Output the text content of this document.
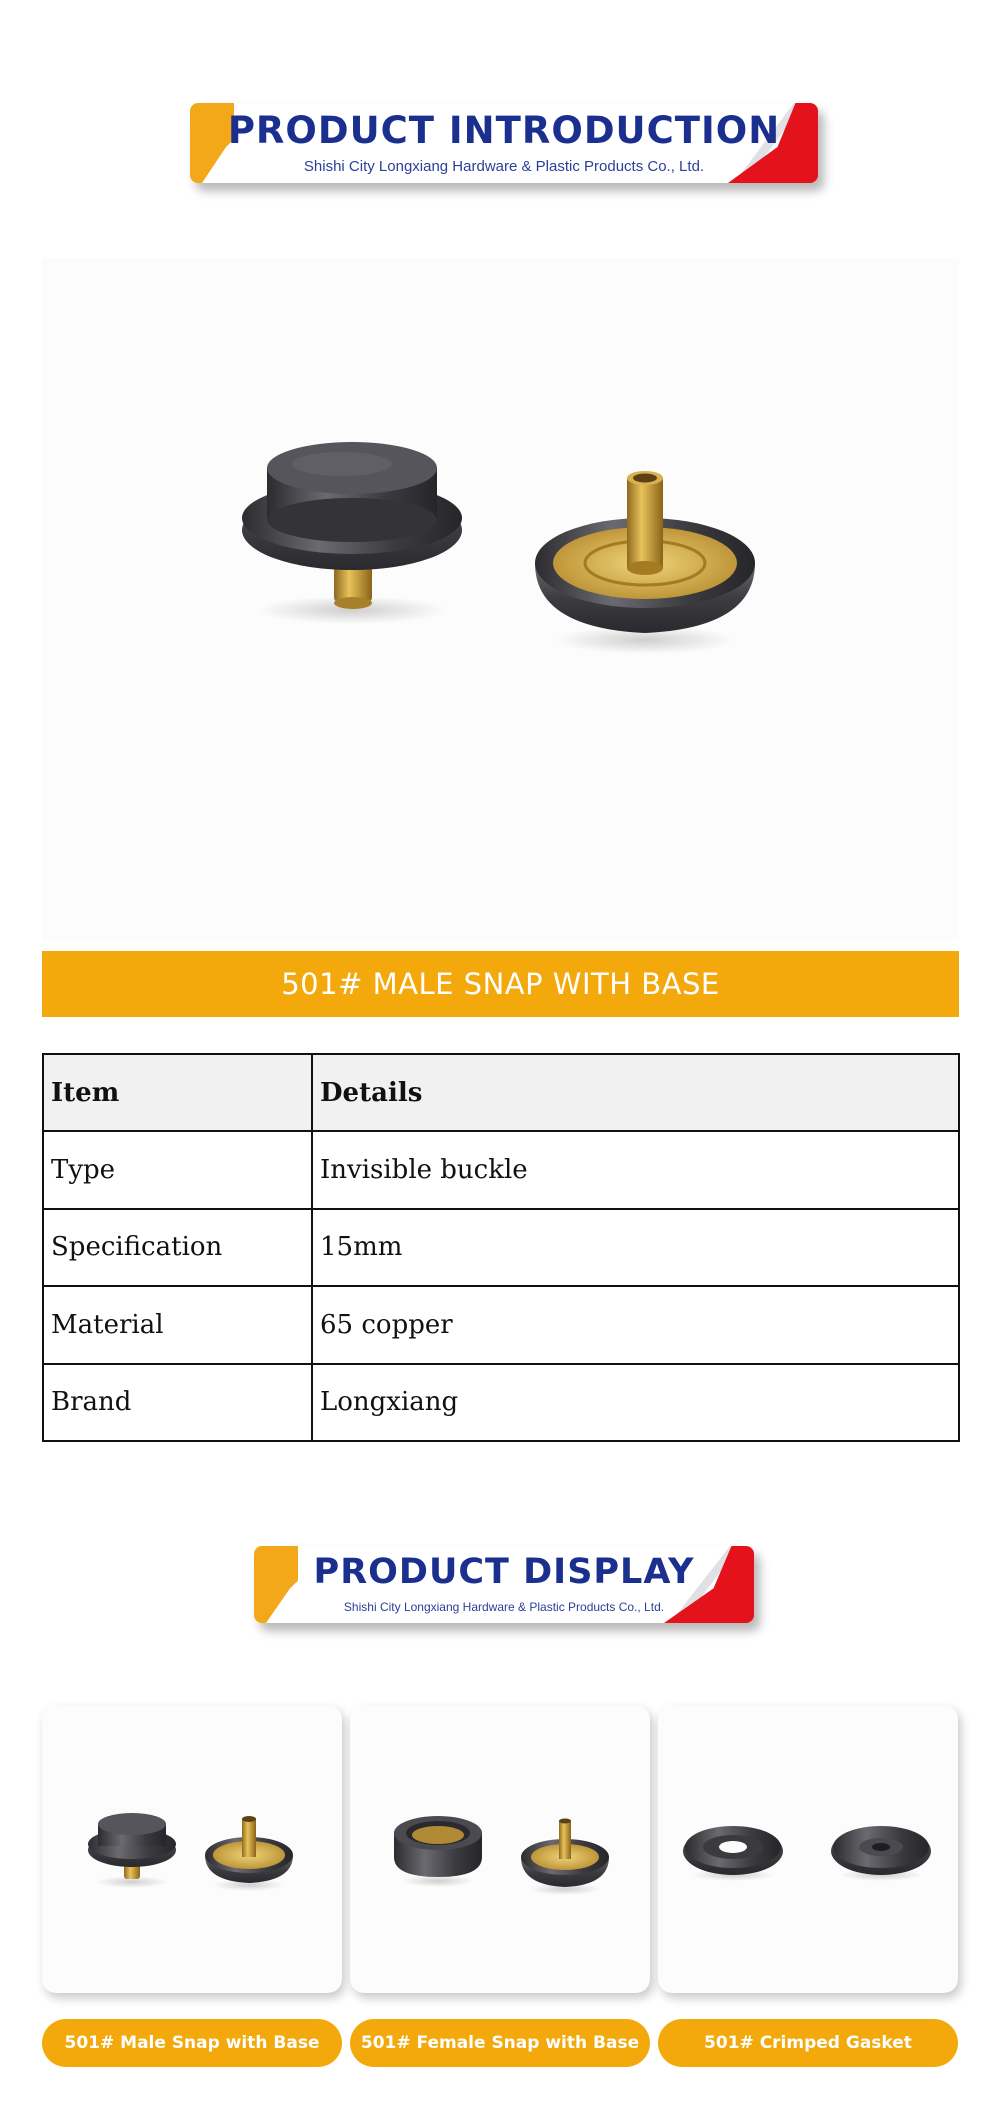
PRODUCT INTRODUCTION
Shishi City Longxiang Hardware & Plastic Products Co., Ltd.
501# MALE SNAP WITH BASE
Item	Details
Type	Invisible buckle
Specification	15mm
Material	65 copper
Brand	Longxiang
PRODUCT DISPLAY
Shishi City Longxiang Hardware & Plastic Products Co., Ltd.
501# Male Snap with Base	501# Female Snap with Base	501# Crimped Gasket
